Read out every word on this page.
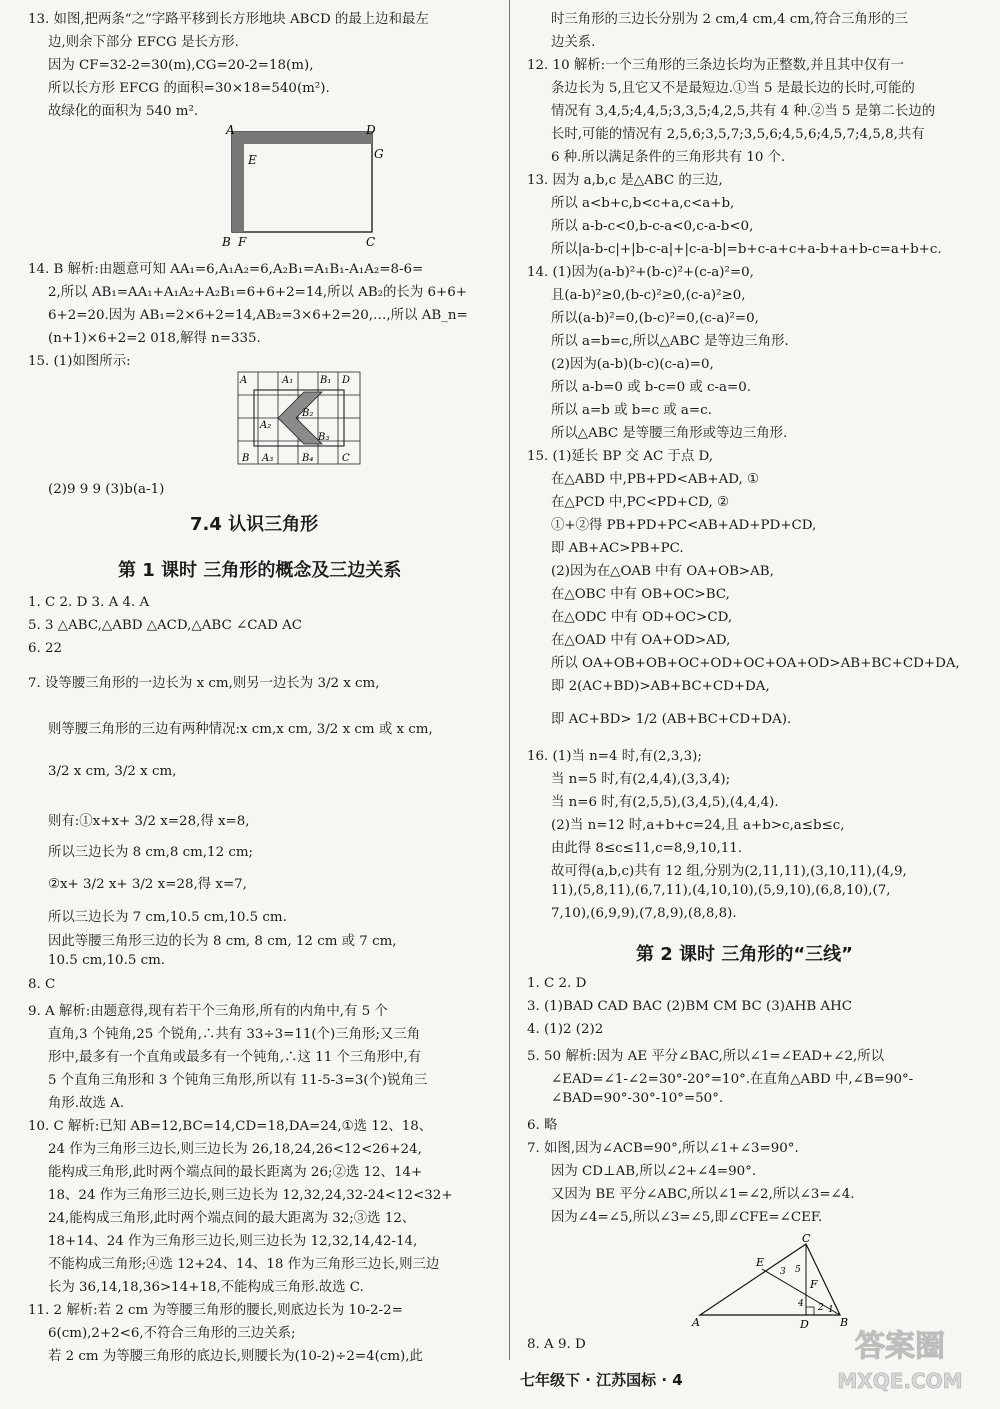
13. 如图,把两条“之”字路平移到长方形地块 ABCD 的最上边和最左
边,则余下部分 EFCG 是长方形.
因为 CF=32-2=30(m),CG=20-2=18(m),
所以长方形 EFCG 的面积=30×18=540(m²).
故绿化的面积为 540 m².
14. B 解析:由题意可知 AA₁=6,A₁A₂=6,A₂B₁=A₁B₁-A₁A₂=8-6=
2,所以 AB₁=AA₁+A₁A₂+A₂B₁=6+6+2=14,所以 AB₂的长为 6+6+
6+2=20.因为 AB₁=2×6+2=14,AB₂=3×6+2=20,…,所以 AB_n=
(n+1)×6+2=2 018,解得 n=335.
15. (1)如图所示:
(2)9 9 9 (3)b(a-1)
1. C 2. D 3. A 4. A
5. 3 △ABC,△ABD △ACD,△ABC ∠CAD AC
6. 22
7. 设等腰三角形的一边长为 x cm,则另一边长为 3/2 x cm,
则等腰三角形的三边有两种情况:x cm,x cm, 3/2 x cm 或 x cm,
3/2 x cm, 3/2 x cm,
则有:①x+x+ 3/2 x=28,得 x=8,
所以三边长为 8 cm,8 cm,12 cm;
②x+ 3/2 x+ 3/2 x=28,得 x=7,
所以三边长为 7 cm,10.5 cm,10.5 cm.
因此等腰三角形三边的长为 8 cm, 8 cm, 12 cm 或 7 cm,
10.5 cm,10.5 cm.
8. C
9. A 解析:由题意得,现有若干个三角形,所有的内角中,有 5 个
直角,3 个钝角,25 个锐角,∴共有 33÷3=11(个)三角形;又三角
形中,最多有一个直角或最多有一个钝角,∴这 11 个三角形中,有
5 个直角三角形和 3 个钝角三角形,所以有 11-5-3=3(个)锐角三
角形.故选 A.
10. C 解析:已知 AB=12,BC=14,CD=18,DA=24,①选 12、18、
24 作为三角形三边长,则三边长为 26,18,24,26<12<26+24,
能构成三角形,此时两个端点间的最长距离为 26;②选 12、14+
18、24 作为三角形三边长,则三边长为 12,32,24,32-24<12<32+
24,能构成三角形,此时两个端点间的最大距离为 32;③选 12、
18+14、24 作为三角形三边长,则三边长为 12,32,14,42-14,
不能构成三角形;④选 12+24、14、18 作为三角形三边长,则三边
长为 36,14,18,36>14+18,不能构成三角形.故选 C.
11. 2 解析:若 2 cm 为等腰三角形的腰长,则底边长为 10-2-2=
6(cm),2+2<6,不符合三角形的三边关系;
若 2 cm 为等腰三角形的底边长,则腰长为(10-2)÷2=4(cm),此
时三角形的三边长分别为 2 cm,4 cm,4 cm,符合三角形的三
边关系.
12. 10 解析:一个三角形的三条边长均为正整数,并且其中仅有一
条边长为 5,且它又不是最短边.①当 5 是最长边的长时,可能的
情况有 3,4,5;4,4,5;3,3,5;4,2,5,共有 4 种.②当 5 是第二长边的
长时,可能的情况有 2,5,6;3,5,7;3,5,6;4,5,6;4,5,7;4,5,8,共有
6 种.所以满足条件的三角形共有 10 个.
13. 因为 a,b,c 是△ABC 的三边,
所以 a<b+c,b<c+a,c<a+b,
所以 a-b-c<0,b-c-a<0,c-a-b<0,
所以|a-b-c|+|b-c-a|+|c-a-b|=b+c-a+c+a-b+a+b-c=a+b+c.
14. (1)因为(a-b)²+(b-c)²+(c-a)²=0,
且(a-b)²≥0,(b-c)²≥0,(c-a)²≥0,
所以(a-b)²=0,(b-c)²=0,(c-a)²=0,
所以 a=b=c,所以△ABC 是等边三角形.
(2)因为(a-b)(b-c)(c-a)=0,
所以 a-b=0 或 b-c=0 或 c-a=0.
所以 a=b 或 b=c 或 a=c.
所以△ABC 是等腰三角形或等边三角形.
15. (1)延长 BP 交 AC 于点 D,
在△ABD 中,PB+PD<AB+AD, ①
在△PCD 中,PC<PD+CD, ②
①+②得 PB+PD+PC<AB+AD+PD+CD,
即 AB+AC>PB+PC.
(2)因为在△OAB 中有 OA+OB>AB,
在△OBC 中有 OB+OC>BC,
在△ODC 中有 OD+OC>CD,
在△OAD 中有 OA+OD>AD,
所以 OA+OB+OB+OC+OD+OC+OA+OD>AB+BC+CD+DA,
即 2(AC+BD)>AB+BC+CD+DA,
即 AC+BD> 1/2 (AB+BC+CD+DA).
16. (1)当 n=4 时,有(2,3,3);
当 n=5 时,有(2,4,4),(3,3,4);
当 n=6 时,有(2,5,5),(3,4,5),(4,4,4).
(2)当 n=12 时,a+b+c=24,且 a+b>c,a≤b≤c,
由此得 8≤c≤11,c=8,9,10,11.
故可得(a,b,c)共有 12 组,分别为(2,11,11),(3,10,11),(4,9,
11),(5,8,11),(6,7,11),(4,10,10),(5,9,10),(6,8,10),(7,
7,10),(6,9,9),(7,8,9),(8,8,8).
1. C 2. D
3. (1)BAD CAD BAC (2)BM CM BC (3)AHB AHC
4. (1)2 (2)2
5. 50 解析:因为 AE 平分∠BAC,所以∠1=∠EAD+∠2,所以
∠EAD=∠1-∠2=30°-20°=10°.在直角△ABD 中,∠B=90°-
∠BAD=90°-30°-10°=50°.
6. 略
7. 如图,因为∠ACB=90°,所以∠1+∠3=90°.
因为 CD⊥AB,所以∠2+∠4=90°.
又因为 BE 平分∠ABC,所以∠1=∠2,所以∠3=∠4.
因为∠4=∠5,所以∠3=∠5,即∠CFE=∠CEF.
8. A 9. D
7.4 认识三角形
第 1 课时 三角形的概念及三边关系
第 2 课时 三角形的“三线”
A	D
E	G
B F	C
A	A₁	B₁ D
A₂
B₂
B₃
B A₃	B₄	C
A	B
C
D
E
F
1
2
3
4
5
七年级下 · 江苏国标 · 4
答案圈
MXQE.COM
